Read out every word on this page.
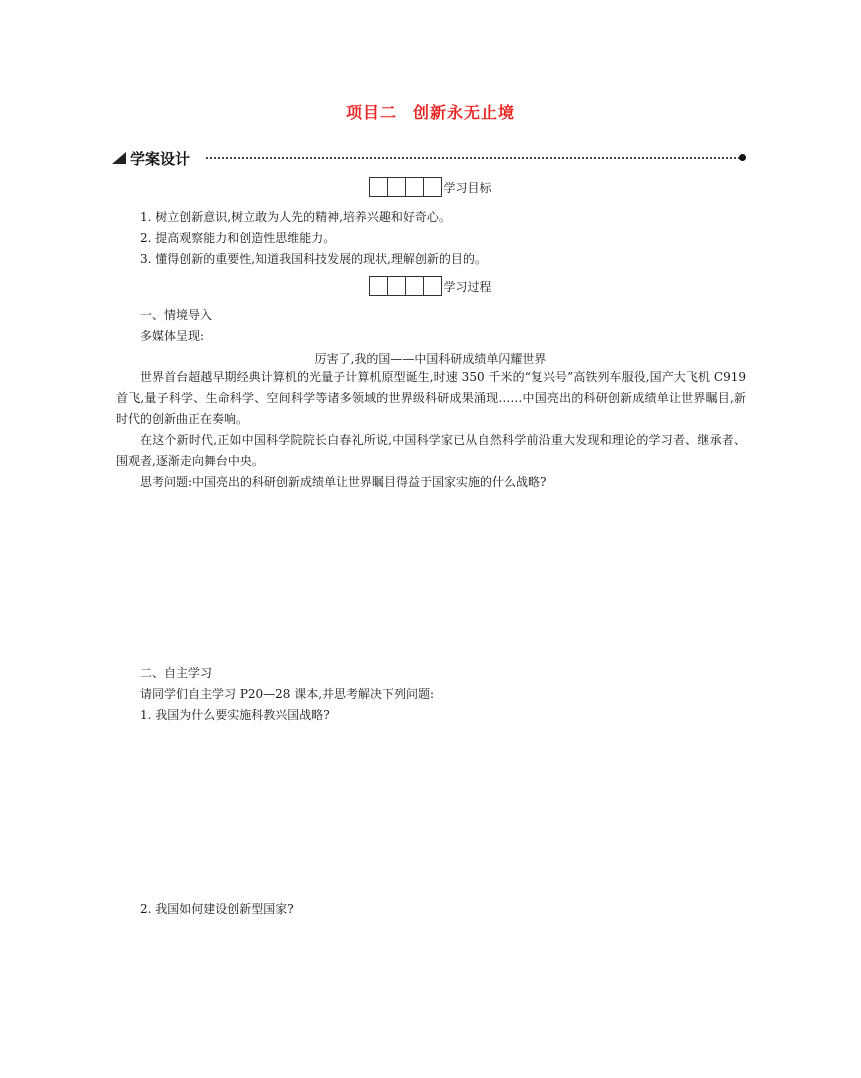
项目二 创新永无止境
学案设计
学习目标
1. 树立创新意识,树立敢为人先的精神,培养兴趣和好奇心。
2. 提高观察能力和创造性思维能力。
3. 懂得创新的重要性,知道我国科技发展的现状,理解创新的目的。
学习过程
一、情境导入
多媒体呈现:
厉害了,我的国——中国科研成绩单闪耀世界
世界首台超越早期经典计算机的光量子计算机原型诞生,时速 350 千米的“复兴号”高铁列车服役,国产大飞机 C919 首飞,量子科学、生命科学、空间科学等诸多领域的世界级科研成果涌现……中国亮出的科研创新成绩单让世界瞩目,新时代的创新曲正在奏响。
在这个新时代,正如中国科学院院长白春礼所说,中国科学家已从自然科学前沿重大发现和理论的学习者、继承者、围观者,逐渐走向舞台中央。
思考问题:中国亮出的科研创新成绩单让世界瞩目得益于国家实施的什么战略?
二、自主学习
请同学们自主学习 P20—28 课本,并思考解决下列问题:
1. 我国为什么要实施科教兴国战略?
2. 我国如何建设创新型国家?
